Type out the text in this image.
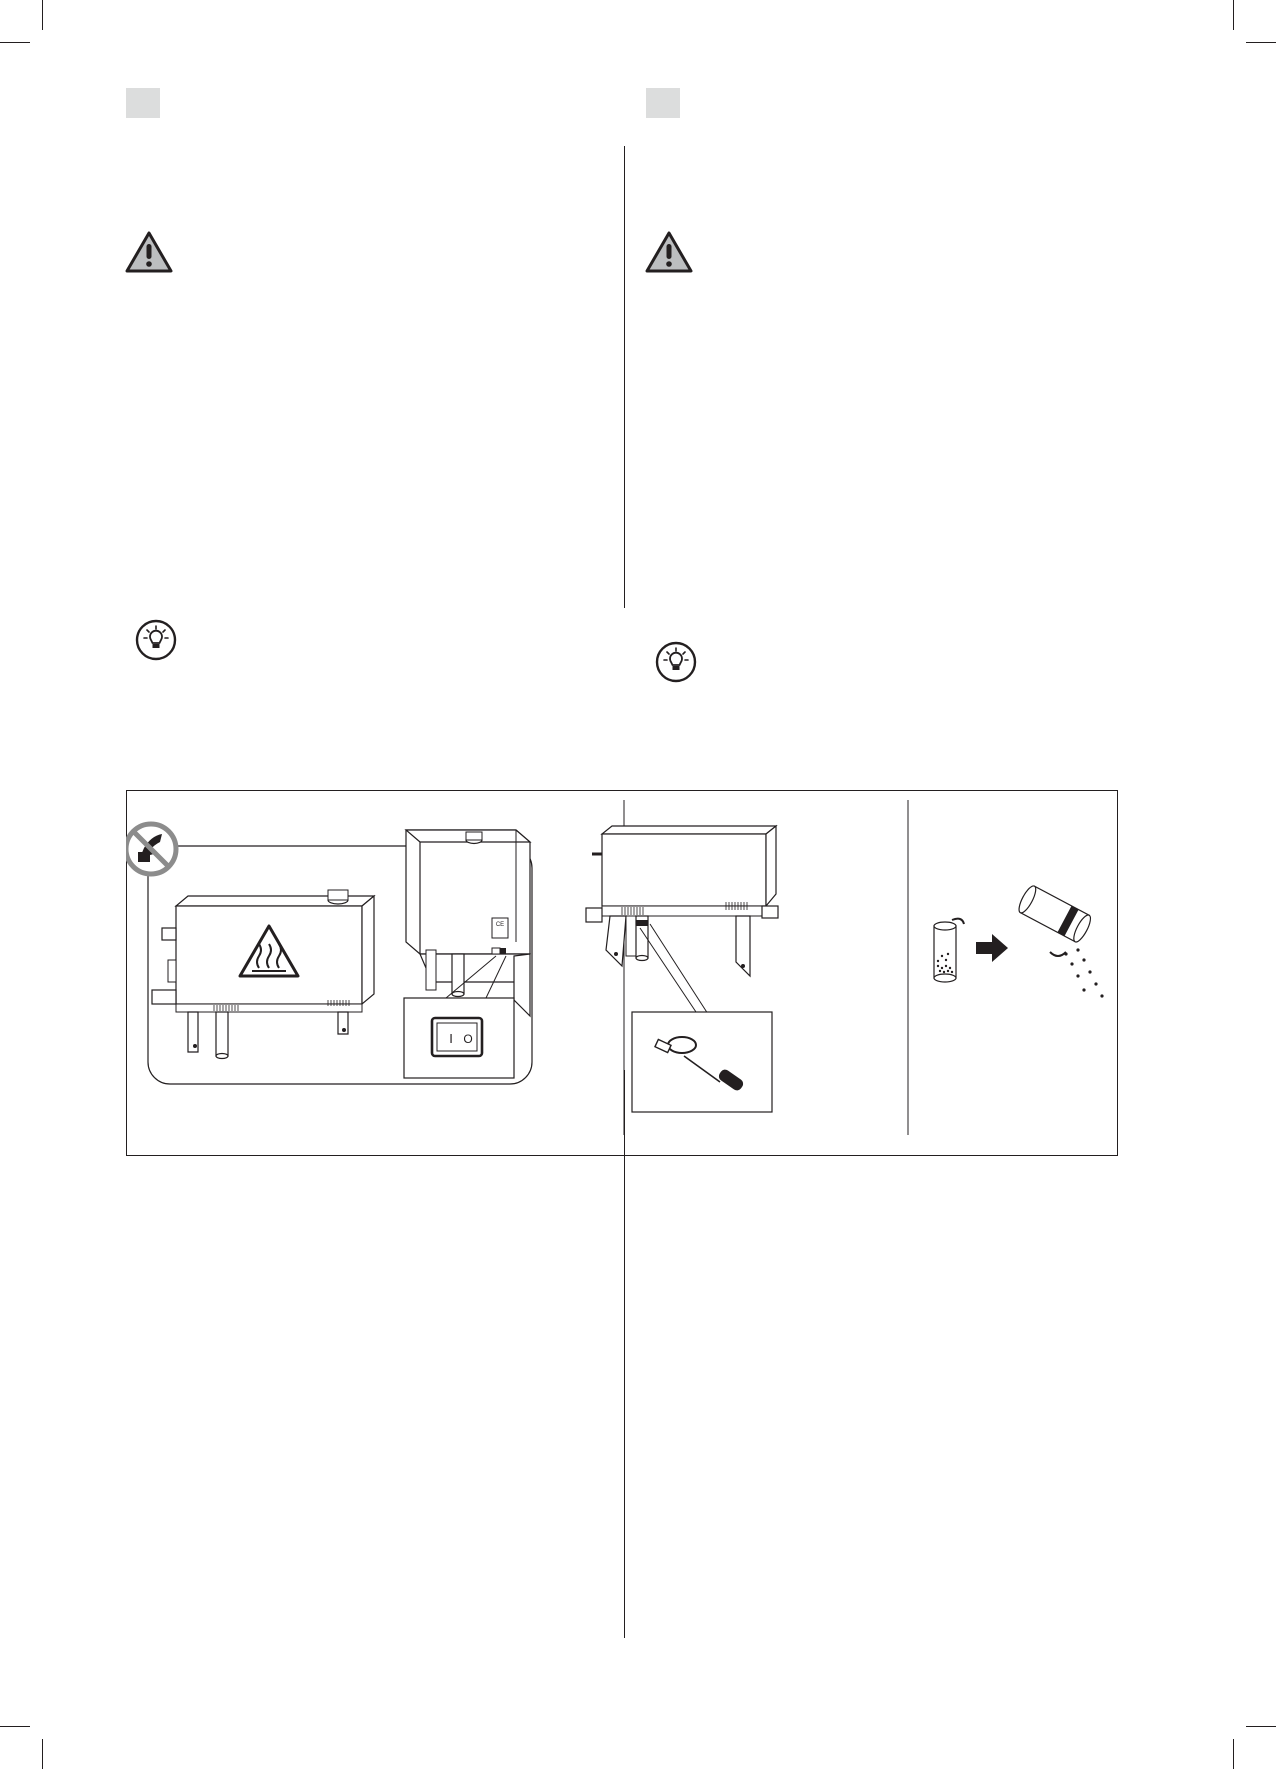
CE
I O
